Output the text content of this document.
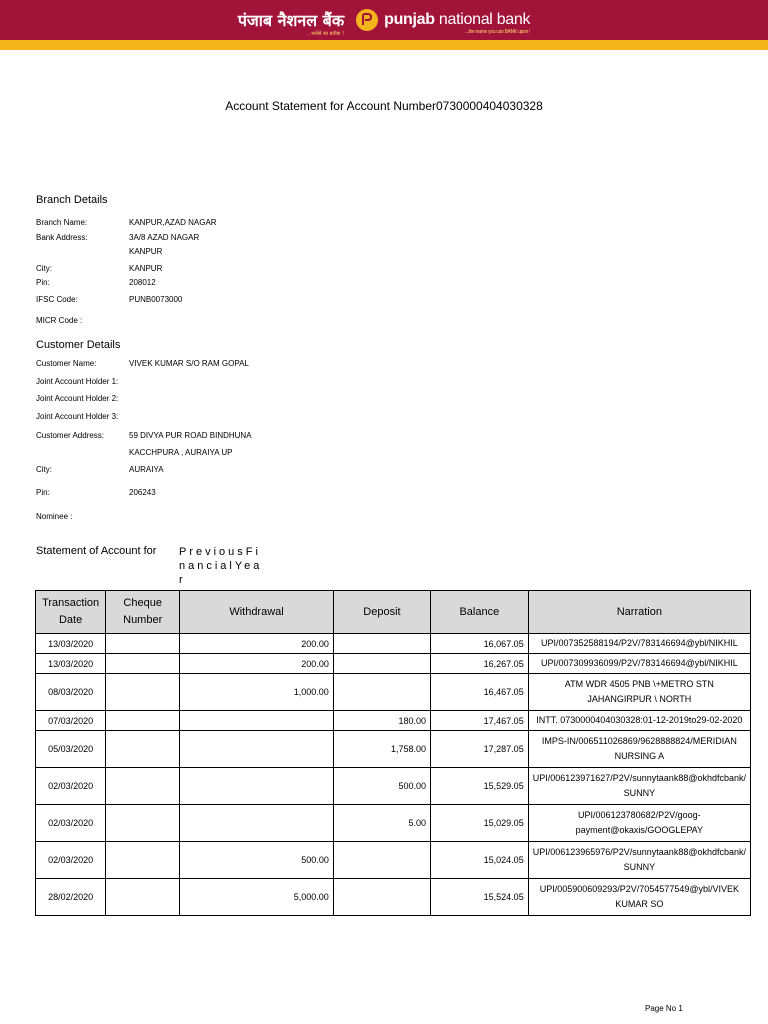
पंजाब नैशनल बैंक
...भरोसे का प्रतीक !
punjab national bank
...the name you can BANK upon !
Account Statement for Account Number0730000404030328
Branch Details
Branch Name:	KANPUR,AZAD NAGAR
Bank Address:	3A/8 AZAD NAGAR
KANPUR
City:	KANPUR
Pin:	208012
IFSC Code:	PUNB0073000
MICR Code :
Customer Details
Customer Name:	VIVEK KUMAR S/O RAM GOPAL
Joint Account Holder 1:
Joint Account Holder 2:
Joint Account Holder 3:
Customer Address:	59 DIVYA PUR ROAD BINDHUNA
KACCHPURA , AURAIYA UP
City:	AURAIYA
Pin:	206243
Nominee :
Statement of Account for PreviousFinancialYear
Transaction Date	Cheque Number	Withdrawal	Deposit	Balance	Narration
13/03/2020		200.00		16,067.05	UPI/007352588194/P2V/783146694@ybl/NIKHIL
13/03/2020		200.00		16,267.05	UPI/007309936099/P2V/783146694@ybl/NIKHIL
08/03/2020		1,000.00		16,467.05	ATM WDR 4505 PNB \+METRO STN JAHANGIRPUR \ NORTH
07/03/2020			180.00	17,467.05	INTT. 0730000404030328:01-12-2019to29-02-2020
05/03/2020			1,758.00	17,287.05	IMPS-IN/006511026869/9628888824/MERIDIAN NURSING A
02/03/2020			500.00	15,529.05	UPI/006123971627/P2V/sunnytaank88@okhdfcbank/ SUNNY
02/03/2020			5.00	15,029.05	UPI/006123780682/P2V/goog- payment@okaxis/GOOGLEPAY
02/03/2020		500.00		15,024.05	UPI/006123965976/P2V/sunnytaank88@okhdfcbank/ SUNNY
28/02/2020		5,000.00		15,524.05	UPI/005900609293/P2V/7054577549@ybl/VIVEK KUMAR SO
Page No 1
